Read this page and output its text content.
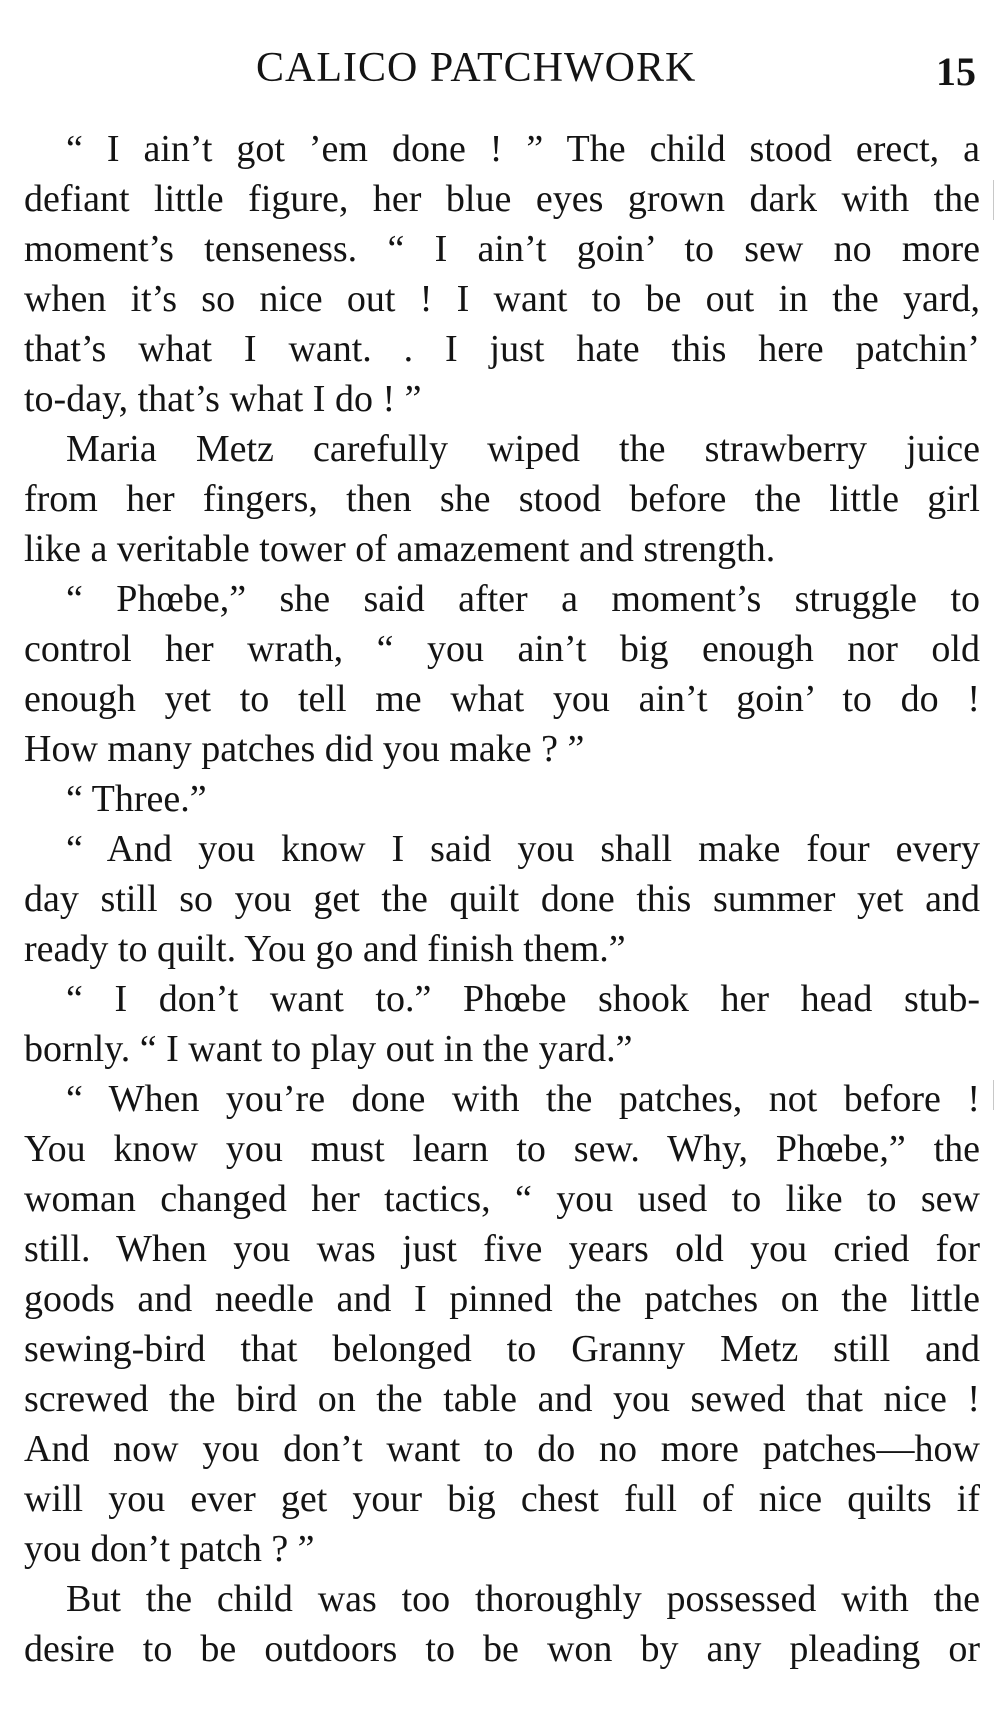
CALICO PATCHWORK	15
“ I ain’t got ’em done ! ” The child stood erect, a
defiant little figure, her blue eyes grown dark with the
moment’s tenseness. “ I ain’t goin’ to sew no more
when it’s so nice out ! I want to be out in the yard,
that’s what I want. . I just hate this here patchin’
to-day, that’s what I do ! ”
Maria Metz carefully wiped the strawberry juice
from her fingers, then she stood before the little girl
like a veritable tower of amazement and strength.
“ Phœbe,” she said after a moment’s struggle to
control her wrath, “ you ain’t big enough nor old
enough yet to tell me what you ain’t goin’ to do !
How many patches did you make ? ”
“ Three.”
“ And you know I said you shall make four every
day still so you get the quilt done this summer yet and
ready to quilt. You go and finish them.”
“ I don’t want to.” Phœbe shook her head stub-
bornly. “ I want to play out in the yard.”
“ When you’re done with the patches, not before !
You know you must learn to sew. Why, Phœbe,” the
woman changed her tactics, “ you used to like to sew
still. When you was just five years old you cried for
goods and needle and I pinned the patches on the little
sewing-bird that belonged to Granny Metz still and
screwed the bird on the table and you sewed that nice !
And now you don’t want to do no more patches—how
will you ever get your big chest full of nice quilts if
you don’t patch ? ”
But the child was too thoroughly possessed with the
desire to be outdoors to be won by any pleading or
